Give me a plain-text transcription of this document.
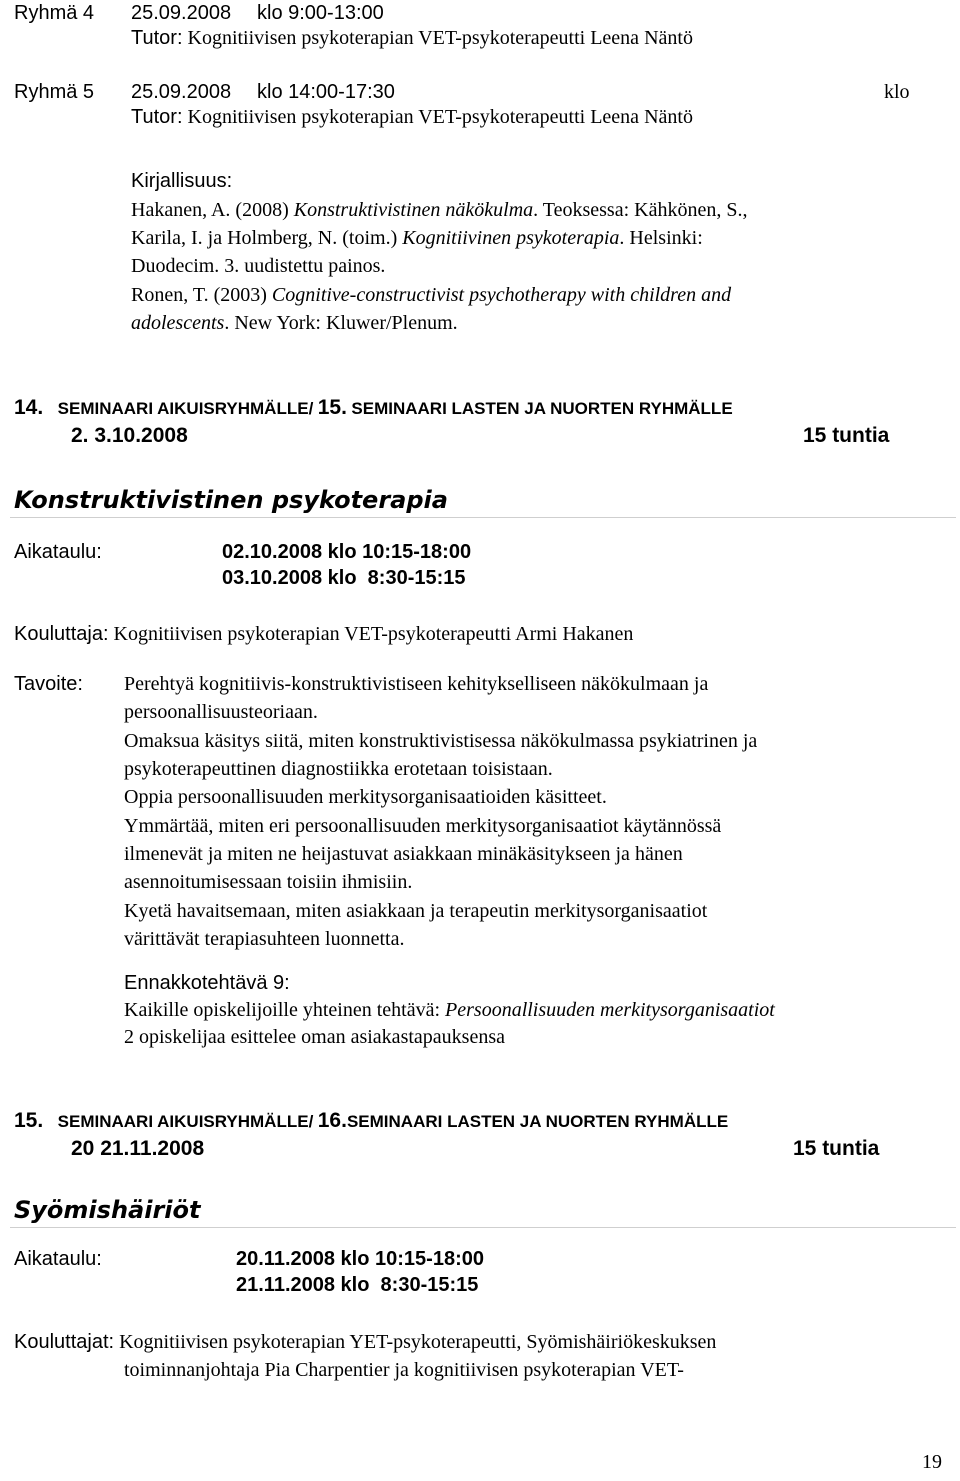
Ryhmä 4 25.09.2008 klo 9:00-13:00
Tutor: Kognitiivisen psykoterapian VET-psykoterapeutti Leena Näntö
Ryhmä 5 25.09.2008 klo 14:00-17:30	klo
Tutor: Kognitiivisen psykoterapian VET-psykoterapeutti Leena Näntö
Kirjallisuus:
Hakanen, A. (2008) Konstruktivistinen näkökulma. Teoksessa: Kähkönen, S.,
Karila, I. ja Holmberg, N. (toim.) Kognitiivinen psykoterapia. Helsinki:
Duodecim. 3. uudistettu painos.
Ronen, T. (2003) Cognitive-constructivist psychotherapy with children and
adolescents. New York: Kluwer/Plenum.
14. SEMINAARI AIKUISRYHMÄLLE/ 15. SEMINAARI LASTEN JA NUORTEN RYHMÄLLE
2. 3.10.2008	15 tuntia
Konstruktivistinen psykoterapia
Aikataulu:	02.10.2008 klo 10:15-18:00
03.10.2008 klo  8:30-15:15
Kouluttaja: Kognitiivisen psykoterapian VET-psykoterapeutti Armi Hakanen
Tavoite: Perehtyä kognitiivis-konstruktivistiseen kehitykselliseen näkökulmaan ja
persoonallisuusteoriaan.
Omaksua käsitys siitä, miten konstruktivistisessa näkökulmassa psykiatrinen ja
psykoterapeuttinen diagnostiikka erotetaan toisistaan.
Oppia persoonallisuuden merkitysorganisaatioiden käsitteet.
Ymmärtää, miten eri persoonallisuuden merkitysorganisaatiot käytännössä
ilmenevät ja miten ne heijastuvat asiakkaan minäkäsitykseen ja hänen
asennoitumisessaan toisiin ihmisiin.
Kyetä havaitsemaan, miten asiakkaan ja terapeutin merkitysorganisaatiot
värittävät terapiasuhteen luonnetta.
Ennakkotehtävä 9:
Kaikille opiskelijoille yhteinen tehtävä: Persoonallisuuden merkitysorganisaatiot
2 opiskelijaa esittelee oman asiakastapauksensa
15. SEMINAARI AIKUISRYHMÄLLE/ 16.SEMINAARI LASTEN JA NUORTEN RYHMÄLLE
20 21.11.2008	15 tuntia
Syömishäiriöt
Aikataulu:	20.11.2008 klo 10:15-18:00
21.11.2008 klo  8:30-15:15
Kouluttajat: Kognitiivisen psykoterapian YET-psykoterapeutti, Syömishäiriökeskuksen
toiminnanjohtaja Pia Charpentier ja kognitiivisen psykoterapian VET-
19
